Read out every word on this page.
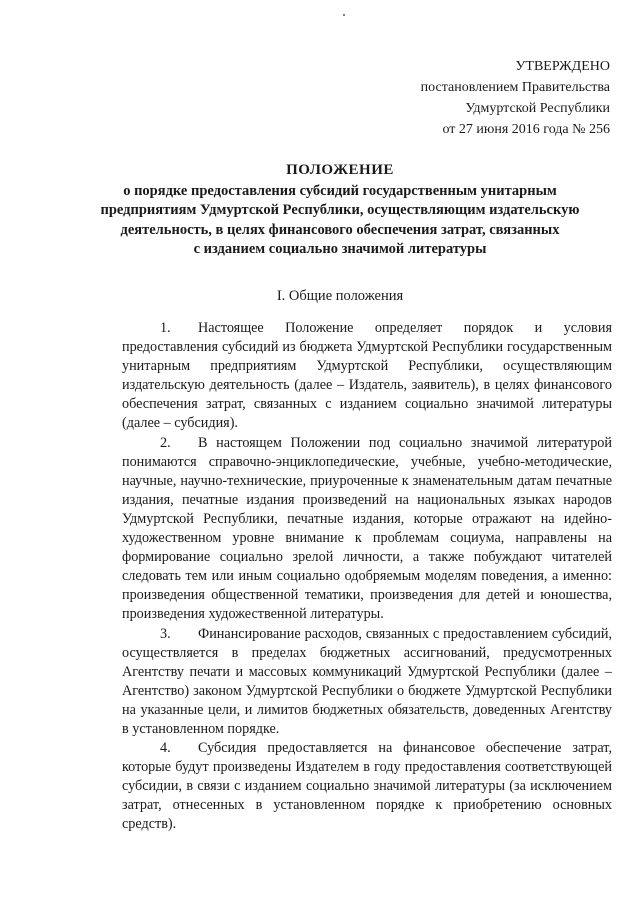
УТВЕРЖДЕНО
постановлением Правительства
Удмуртской Республики
от 27 июня 2016 года № 256
ПОЛОЖЕНИЕ
о порядке предоставления субсидий государственным унитарным
предприятиям Удмуртской Республики, осуществляющим издательскую
деятельность, в целях финансового обеспечения затрат, связанных
с изданием социально значимой литературы
I. Общие положения

1. Настоящее Положение определяет порядок и условия предоставления субсидий из бюджета Удмуртской Республики государственным унитарным предприятиям Удмуртской Республики, осуществляющим издательскую деятельность (далее – Издатель, заявитель), в целях финансового обеспечения затрат, связанных с изданием социально значимой литературы (далее – субсидия).

2. В настоящем Положении под социально значимой литературой понимаются справочно-энциклопедические, учебные, учебно-методические, научные, научно-технические, приуроченные к знаменательным датам печатные издания, печатные издания произведений на национальных языках народов Удмуртской Республики, печатные издания, которые отражают на идейно-художественном уровне внимание к проблемам социума, направлены на формирование социально зрелой личности, а также побуждают читателей следовать тем или иным социально одобряемым моделям поведения, а именно: произведения общественной тематики, произведения для детей и юношества, произведения художественной литературы.

3. Финансирование расходов, связанных с предоставлением субсидий, осуществляется в пределах бюджетных ассигнований, предусмотренных Агентству печати и массовых коммуникаций Удмуртской Республики (далее – Агентство) законом Удмуртской Республики о бюджете Удмуртской Республики на указанные цели, и лимитов бюджетных обязательств, доведенных Агентству в установленном порядке.

4. Субсидия предоставляется на финансовое обеспечение затрат, которые будут произведены Издателем в году предоставления соответствующей субсидии, в связи с изданием социально значимой литературы (за исключением затрат, отнесенных в установленном порядке к приобретению основных средств).
